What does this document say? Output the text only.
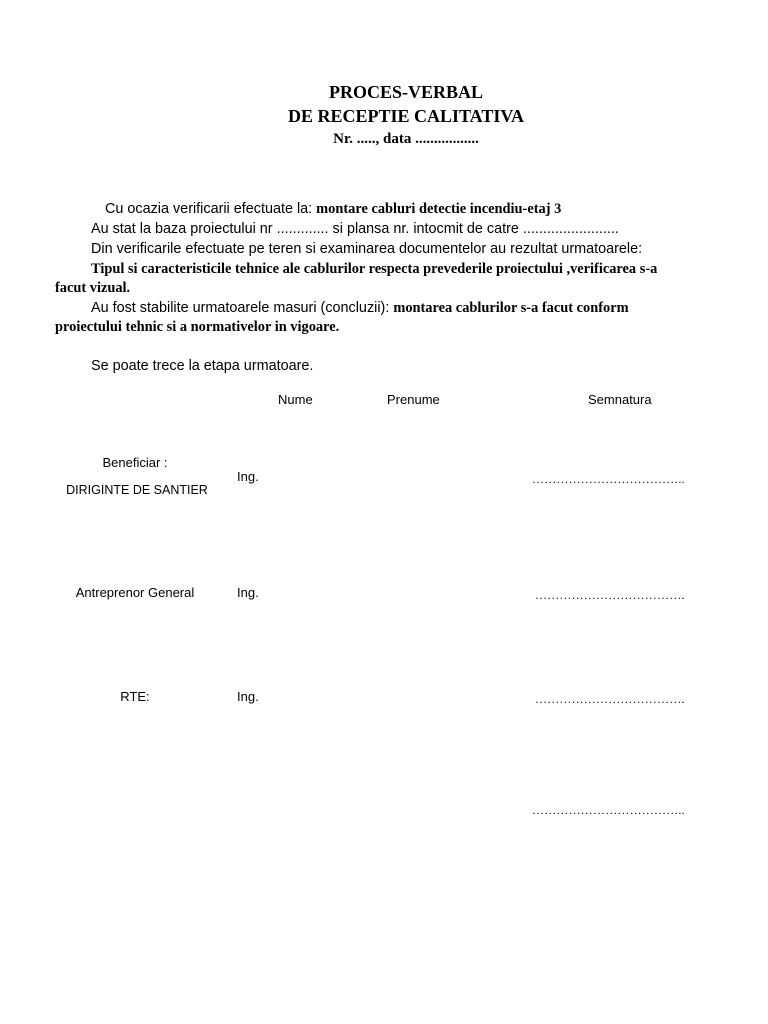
PROCES-VERBAL
DE RECEPTIE CALITATIVA
Nr. ....., data .................
Cu ocazia verificarii efectuate la: montare cabluri detectie incendiu-etaj 3
Au stat la baza proiectului nr ............. si plansa nr. intocmit de catre ........................
Din verificarile efectuate pe teren si examinarea documentelor au rezultat urmatoarele:
Tipul si caracteristicile tehnice ale cablurilor respecta prevederile proiectului ,verificarea s-a
facut vizual.
Au fost stabilite urmatoarele masuri (concluzii): montarea cablurilor s-a facut conform
proiectului tehnic si a normativelor in vigoare.
Se poate trece la etapa urmatoare.
Nume	Prenume	Semnatura
Beneficiar :
DIRIGINTE DE SANTIER
Ing.	………………………………..
Antreprenor General	Ing.	……………………………….
RTE:	Ing.	……………………………….
………………………………..
